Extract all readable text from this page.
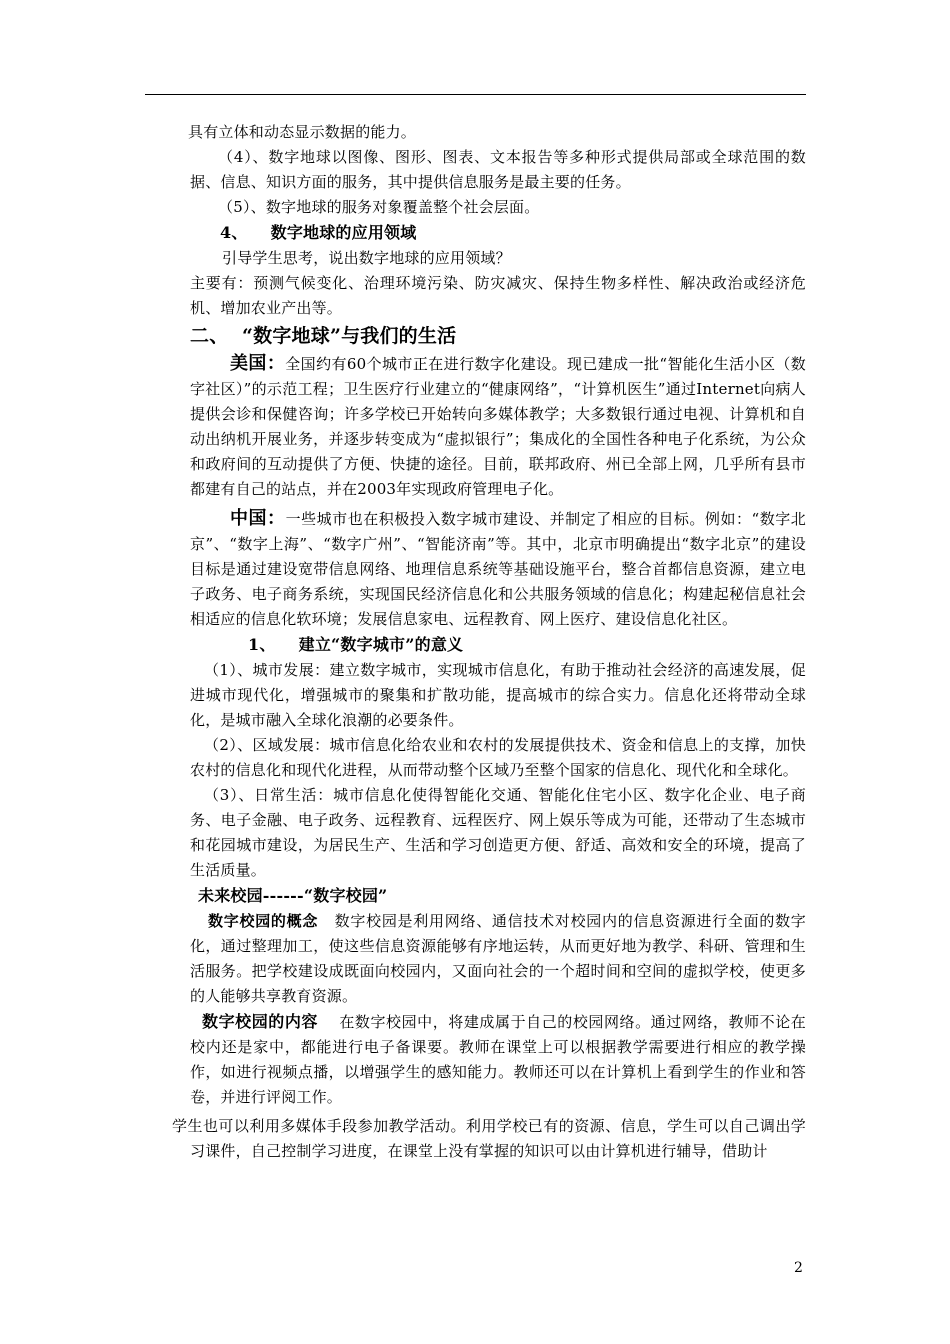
具有立体和动态显示数据的能力。

（4）、数字地球以图像、图形、图表、文本报告等多种形式提供局部或全球范围的数据、信息、知识方面的服务，其中提供信息服务是最主要的任务。

（5）、数字地球的服务对象覆盖整个社会层面。

4、    数字地球的应用领域

引导学生思考，说出数字地球的应用领域？

主要有：预测气候变化、治理环境污染、防灾减灾、保持生物多样性、解决政治或经济危机、增加农业产出等。

二、  “数字地球”与我们的生活

美国：全国约有60个城市正在进行数字化建设。现已建成一批“智能化生活小区（数字社区）”的示范工程；卫生医疗行业建立的“健康网络”，“计算机医生”通过Internet向病人提供会诊和保健咨询；许多学校已开始转向多媒体教学；大多数银行通过电视、计算机和自动出纳机开展业务，并逐步转变成为“虚拟银行”；集成化的全国性各种电子化系统，为公众和政府间的互动提供了方便、快捷的途径。目前，联邦政府、州已全部上网，几乎所有县市都建有自己的站点，并在2003年实现政府管理电子化。

中国：一些城市也在积极投入数字城市建设、并制定了相应的目标。例如：“数字北京”、“数字上海”、“数字广州”、“智能济南”等。其中，北京市明确提出“数字北京”的建设目标是通过建设宽带信息网络、地理信息系统等基础设施平台，整合首都信息资源，建立电子政务、电子商务系统，实现国民经济信息化和公共服务领域的信息化；构建起秘信息社会相适应的信息化软环境；发展信息家电、远程教育、网上医疗、建设信息化社区。

1、    建立“数字城市”的意义

（1）、城市发展：建立数字城市，实现城市信息化，有助于推动社会经济的高速发展，促进城市现代化，增强城市的聚集和扩散功能，提高城市的综合实力。信息化还将带动全球化，是城市融入全球化浪潮的必要条件。

（2）、区域发展：城市信息化给农业和农村的发展提供技术、资金和信息上的支撑，加快农村的信息化和现代化进程，从而带动整个区域乃至整个国家的信息化、现代化和全球化。

（3）、日常生活：城市信息化使得智能化交通、智能化住宅小区、数字化企业、电子商务、电子金融、电子政务、远程教育、远程医疗、网上娱乐等成为可能，还带动了生态城市和花园城市建设，为居民生产、生活和学习创造更方便、舒适、高效和安全的环境，提高了生活质量。

未来校园------“数字校园”

数字校园的概念 数字校园是利用网络、通信技术对校园内的信息资源进行全面的数字化，通过整理加工，使这些信息资源能够有序地运转，从而更好地为教学、科研、管理和生活服务。把学校建设成既面向校园内，又面向社会的一个超时间和空间的虚拟学校，使更多的人能够共享教育资源。

数字校园的内容 在数字校园中，将建成属于自己的校园网络。通过网络，教师不论在校内还是家中，都能进行电子备课要。教师在课堂上可以根据教学需要进行相应的教学操作，如进行视频点播，以增强学生的感知能力。教师还可以在计算机上看到学生的作业和答卷，并进行评阅工作。

学生也可以利用多媒体手段参加教学活动。利用学校已有的资源、信息，学生可以自己调出学习课件，自己控制学习进度，在课堂上没有掌握的知识可以由计算机进行辅导，借助计

2
